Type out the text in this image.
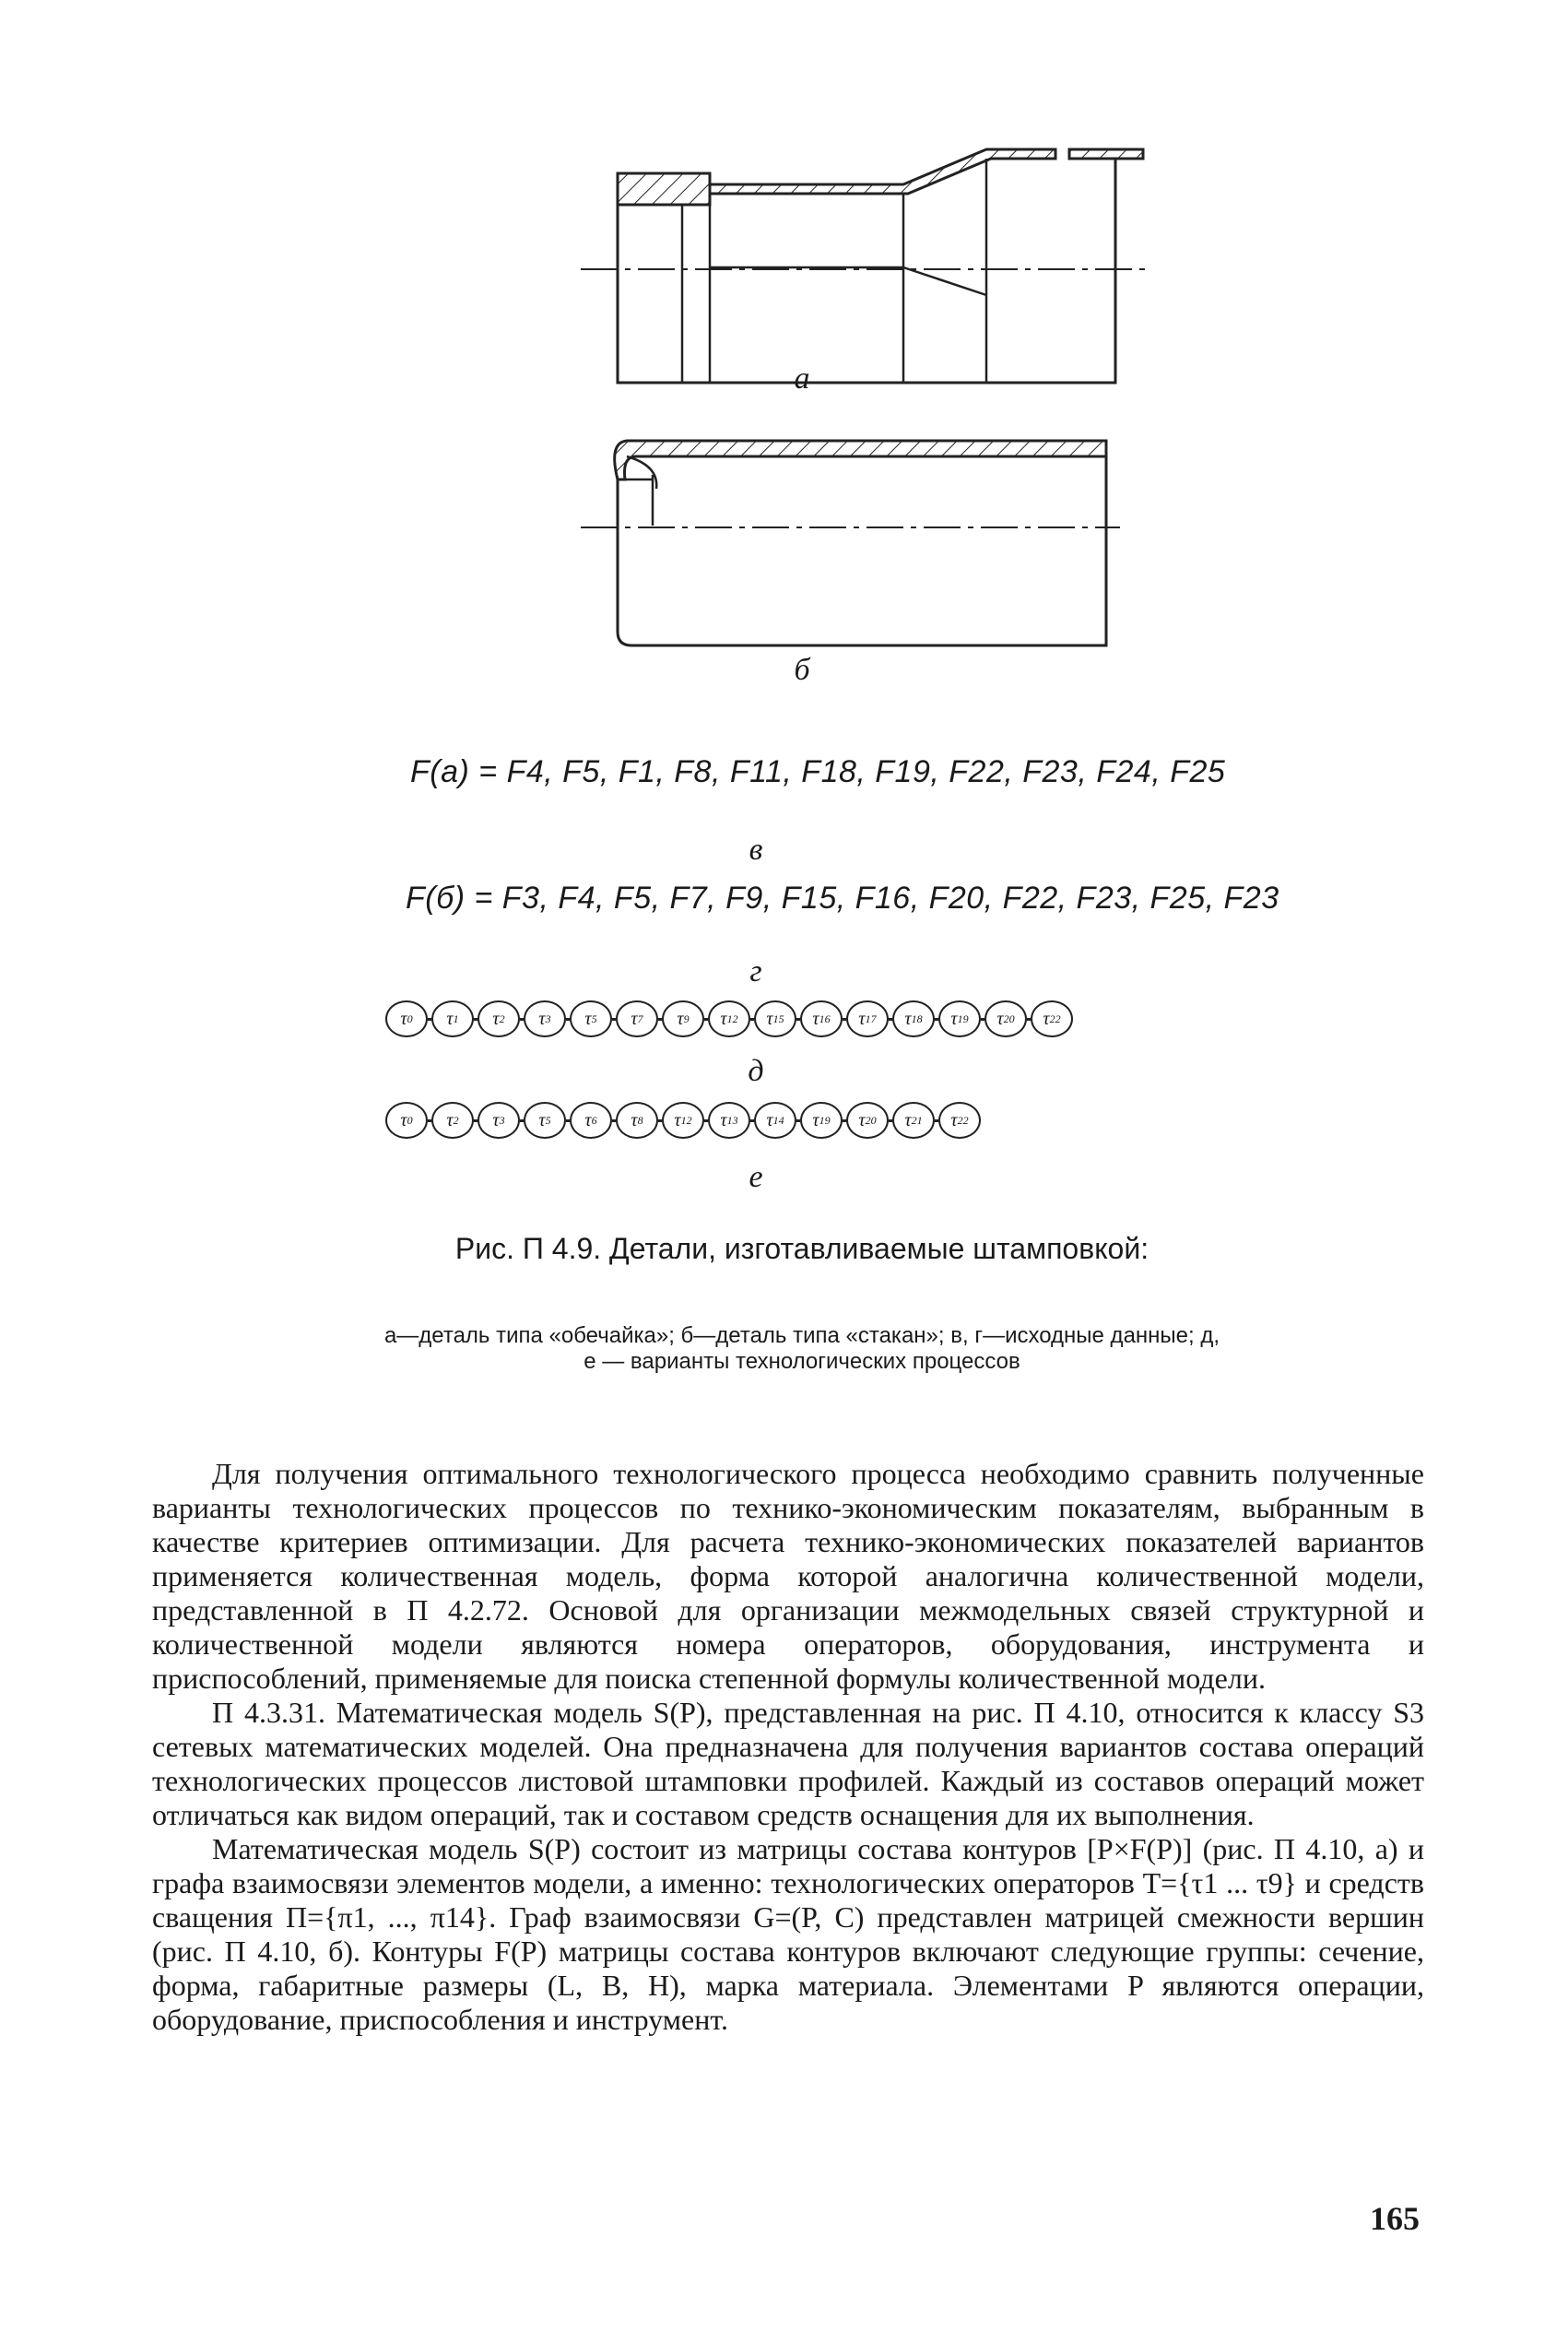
а
б
F(a) = F4, F5, F1, F8, F11, F18, F19, F22, F23, F24, F25
в
F(б) = F3, F4, F5, F7, F9, F15, F16, F20, F22, F23, F25, F23
г
τ 0	τ 1	τ 2	τ 3	τ 5	τ 7	τ 9	τ 12	τ 15	τ 16	τ 17	τ 18	τ 19	τ 20	τ 22
д
τ 0	τ 2	τ 3	τ 5	τ 6	τ 8	τ 12	τ 13	τ 14	τ 19	τ 20	τ 21	τ 22
е
Рис. П 4.9. Детали, изготавливаемые штамповкой:
а—деталь типа «обечайка»; б—деталь типа «стакан»; в, г—исходные данные; д, е — варианты технологических процессов

Для получения оптимального технологического процесса необходимо сравнить полученные варианты технологических процессов по технико-экономическим показателям, выбранным в качестве критериев оптимизации. Для расчета технико-экономических показателей вариантов применяется количественная модель, форма которой аналогична количественной модели, представленной в П 4.2.72. Основой для организации межмодельных связей структурной и количественной модели являются номера операторов, оборудования, инструмента и приспособлений, применяемые для поиска степенной формулы количественной модели.

П 4.3.31. Математическая модель S(P), представленная на рис. П 4.10, относится к классу S3 сетевых математических моделей. Она предназначена для получения вариантов состава операций технологических процессов листовой штамповки профилей. Каждый из составов операций может отличаться как видом операций, так и составом средств оснащения для их выполнения.

Математическая модель S(P) состоит из матрицы состава контуров [P×F(P)] (рис. П 4.10, а) и графа взаимосвязи элементов модели, а именно: технологических операторов T={τ1 ... τ9} и средств сващения П={π1, ..., π14}. Граф взаимосвязи G=(P, C) представлен матрицей смежности вершин (рис. П 4.10, б). Контуры F(P) матрицы состава контуров включают следующие группы: сечение, форма, габаритные размеры (L, B, H), марка материала. Элементами P являются операции, оборудование, приспособления и инструмент.

165
